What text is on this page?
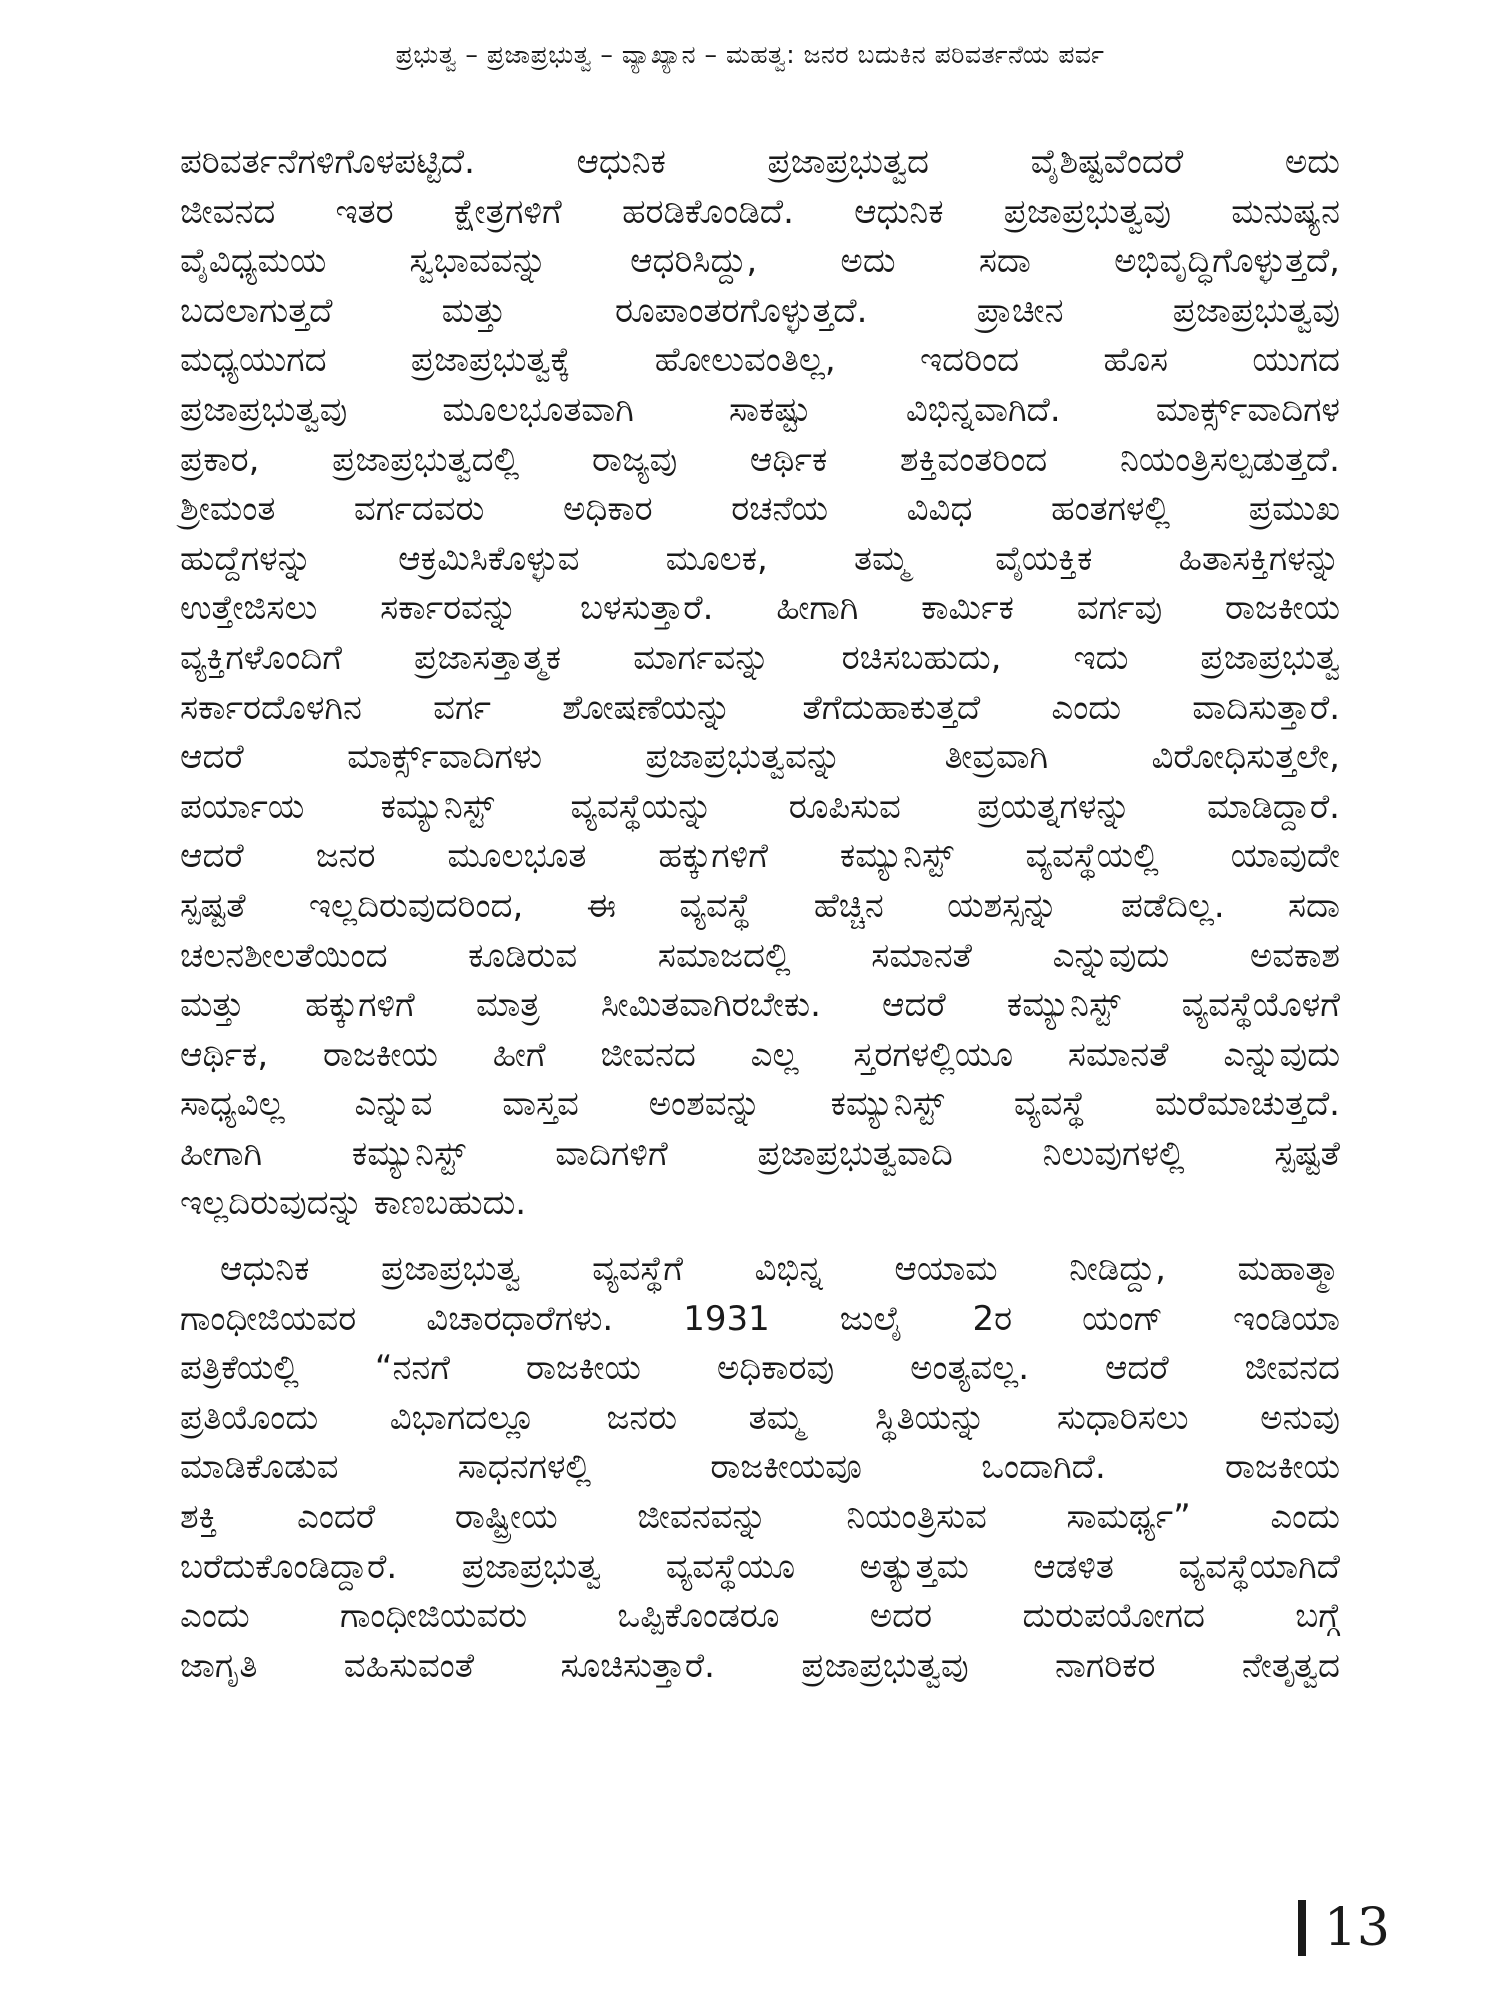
ಪ್ರಭುತ್ವ – ಪ್ರಜಾಪ್ರಭುತ್ವ – ವ್ಯಾಖ್ಯಾನ – ಮಹತ್ವ: ಜನರ ಬದುಕಿನ ಪರಿವರ್ತನೆಯ ಪರ್ವ

ಪರಿವರ್ತನೆಗಳಿಗೊಳಪಟ್ಟಿದೆ. ಆಧುನಿಕ ಪ್ರಜಾಪ್ರಭುತ್ವದ ವೈಶಿಷ್ಟವೆಂದರೆ ಅದು

ಜೀವನದ ಇತರ ಕ್ಷೇತ್ರಗಳಿಗೆ ಹರಡಿಕೊಂಡಿದೆ. ಆಧುನಿಕ ಪ್ರಜಾಪ್ರಭುತ್ವವು ಮನುಷ್ಯನ

ವೈವಿಧ್ಯಮಯ ಸ್ವಭಾವವನ್ನು ಆಧರಿಸಿದ್ದು, ಅದು ಸದಾ ಅಭಿವೃದ್ಧಿಗೊಳ್ಳುತ್ತದೆ,

ಬದಲಾಗುತ್ತದೆ ಮತ್ತು ರೂಪಾಂತರಗೊಳ್ಳುತ್ತದೆ. ಪ್ರಾಚೀನ ಪ್ರಜಾಪ್ರಭುತ್ವವು

ಮಧ್ಯಯುಗದ ಪ್ರಜಾಪ್ರಭುತ್ವಕ್ಕೆ ಹೋಲುವಂತಿಲ್ಲ, ಇದರಿಂದ ಹೊಸ ಯುಗದ

ಪ್ರಜಾಪ್ರಭುತ್ವವು ಮೂಲಭೂತವಾಗಿ ಸಾಕಷ್ಟು ವಿಭಿನ್ನವಾಗಿದೆ. ಮಾರ್ಕ್ಸ್‌ವಾದಿಗಳ

ಪ್ರಕಾರ, ಪ್ರಜಾಪ್ರಭುತ್ವದಲ್ಲಿ ರಾಜ್ಯವು ಆರ್ಥಿಕ ಶಕ್ತಿವಂತರಿಂದ ನಿಯಂತ್ರಿಸಲ್ಪಡುತ್ತದೆ.

ಶ್ರೀಮಂತ ವರ್ಗದವರು ಅಧಿಕಾರ ರಚನೆಯ ವಿವಿಧ ಹಂತಗಳಲ್ಲಿ ಪ್ರಮುಖ

ಹುದ್ದೆಗಳನ್ನು ಆಕ್ರಮಿಸಿಕೊಳ್ಳುವ ಮೂಲಕ, ತಮ್ಮ ವೈಯಕ್ತಿಕ ಹಿತಾಸಕ್ತಿಗಳನ್ನು

ಉತ್ತೇಜಿಸಲು ಸರ್ಕಾರವನ್ನು ಬಳಸುತ್ತಾರೆ. ಹೀಗಾಗಿ ಕಾರ್ಮಿಕ ವರ್ಗವು ರಾಜಕೀಯ

ವ್ಯಕ್ತಿಗಳೊಂದಿಗೆ ಪ್ರಜಾಸತ್ತಾತ್ಮಕ ಮಾರ್ಗವನ್ನು ರಚಿಸಬಹುದು, ಇದು ಪ್ರಜಾಪ್ರಭುತ್ವ

ಸರ್ಕಾರದೊಳಗಿನ ವರ್ಗ ಶೋಷಣೆಯನ್ನು ತೆಗೆದುಹಾಕುತ್ತದೆ ಎಂದು ವಾದಿಸುತ್ತಾರೆ.

ಆದರೆ ಮಾರ್ಕ್ಸ್‌ವಾದಿಗಳು ಪ್ರಜಾಪ್ರಭುತ್ವವನ್ನು ತೀವ್ರವಾಗಿ ವಿರೋಧಿಸುತ್ತಲೇ,

ಪರ್ಯಾಯ ಕಮ್ಯುನಿಸ್ಟ್ ವ್ಯವಸ್ಥೆಯನ್ನು ರೂಪಿಸುವ ಪ್ರಯತ್ನಗಳನ್ನು ಮಾಡಿದ್ದಾರೆ.

ಆದರೆ ಜನರ ಮೂಲಭೂತ ಹಕ್ಕುಗಳಿಗೆ ಕಮ್ಯುನಿಸ್ಟ್ ವ್ಯವಸ್ಥೆಯಲ್ಲಿ ಯಾವುದೇ

ಸ್ಪಷ್ಟತೆ ಇಲ್ಲದಿರುವುದರಿಂದ, ಈ ವ್ಯವಸ್ಥೆ ಹೆಚ್ಚಿನ ಯಶಸ್ಸನ್ನು ಪಡೆದಿಲ್ಲ. ಸದಾ

ಚಲನಶೀಲತೆಯಿಂದ ಕೂಡಿರುವ ಸಮಾಜದಲ್ಲಿ ಸಮಾನತೆ ಎನ್ನುವುದು ಅವಕಾಶ

ಮತ್ತು ಹಕ್ಕುಗಳಿಗೆ ಮಾತ್ರ ಸೀಮಿತವಾಗಿರಬೇಕು. ಆದರೆ ಕಮ್ಯುನಿಸ್ಟ್ ವ್ಯವಸ್ಥೆಯೊಳಗೆ

ಆರ್ಥಿಕ, ರಾಜಕೀಯ ಹೀಗೆ ಜೀವನದ ಎಲ್ಲ ಸ್ತರಗಳಲ್ಲಿಯೂ ಸಮಾನತೆ ಎನ್ನುವುದು

ಸಾಧ್ಯವಿಲ್ಲ ಎನ್ನುವ ವಾಸ್ತವ ಅಂಶವನ್ನು ಕಮ್ಯುನಿಸ್ಟ್ ವ್ಯವಸ್ಥೆ ಮರೆಮಾಚುತ್ತದೆ.

ಹೀಗಾಗಿ ಕಮ್ಯುನಿಸ್ಟ್ ವಾದಿಗಳಿಗೆ ಪ್ರಜಾಪ್ರಭುತ್ವವಾದಿ ನಿಲುವುಗಳಲ್ಲಿ ಸ್ಪಷ್ಟತೆ

ಇಲ್ಲದಿರುವುದನ್ನು ಕಾಣಬಹುದು.

ಆಧುನಿಕ ಪ್ರಜಾಪ್ರಭುತ್ವ ವ್ಯವಸ್ಥೆಗೆ ವಿಭಿನ್ನ ಆಯಾಮ ನೀಡಿದ್ದು, ಮಹಾತ್ಮಾ

ಗಾಂಧೀಜಿಯವರ ವಿಚಾರಧಾರೆಗಳು. 1931 ಜುಲೈ 2ರ ಯಂಗ್ ಇಂಡಿಯಾ

ಪತ್ರಿಕೆಯಲ್ಲಿ “ನನಗೆ ರಾಜಕೀಯ ಅಧಿಕಾರವು ಅಂತ್ಯವಲ್ಲ. ಆದರೆ ಜೀವನದ

ಪ್ರತಿಯೊಂದು ವಿಭಾಗದಲ್ಲೂ ಜನರು ತಮ್ಮ ಸ್ಥಿತಿಯನ್ನು ಸುಧಾರಿಸಲು ಅನುವು

ಮಾಡಿಕೊಡುವ ಸಾಧನಗಳಲ್ಲಿ ರಾಜಕೀಯವೂ ಒಂದಾಗಿದೆ. ರಾಜಕೀಯ

ಶಕ್ತಿ ಎಂದರೆ ರಾಷ್ಟ್ರೀಯ ಜೀವನವನ್ನು ನಿಯಂತ್ರಿಸುವ ಸಾಮರ್ಥ್ಯ” ಎಂದು

ಬರೆದುಕೊಂಡಿದ್ದಾರೆ. ಪ್ರಜಾಪ್ರಭುತ್ವ ವ್ಯವಸ್ಥೆಯೂ ಅತ್ಯುತ್ತಮ ಆಡಳಿತ ವ್ಯವಸ್ಥೆಯಾಗಿದೆ

ಎಂದು ಗಾಂಧೀಜಿಯವರು ಒಪ್ಪಿಕೊಂಡರೂ ಅದರ ದುರುಪಯೋಗದ ಬಗ್ಗೆ

ಜಾಗೃತಿ ವಹಿಸುವಂತೆ ಸೂಚಿಸುತ್ತಾರೆ. ಪ್ರಜಾಪ್ರಭುತ್ವವು ನಾಗರಿಕರ ನೇತೃತ್ವದ

13
